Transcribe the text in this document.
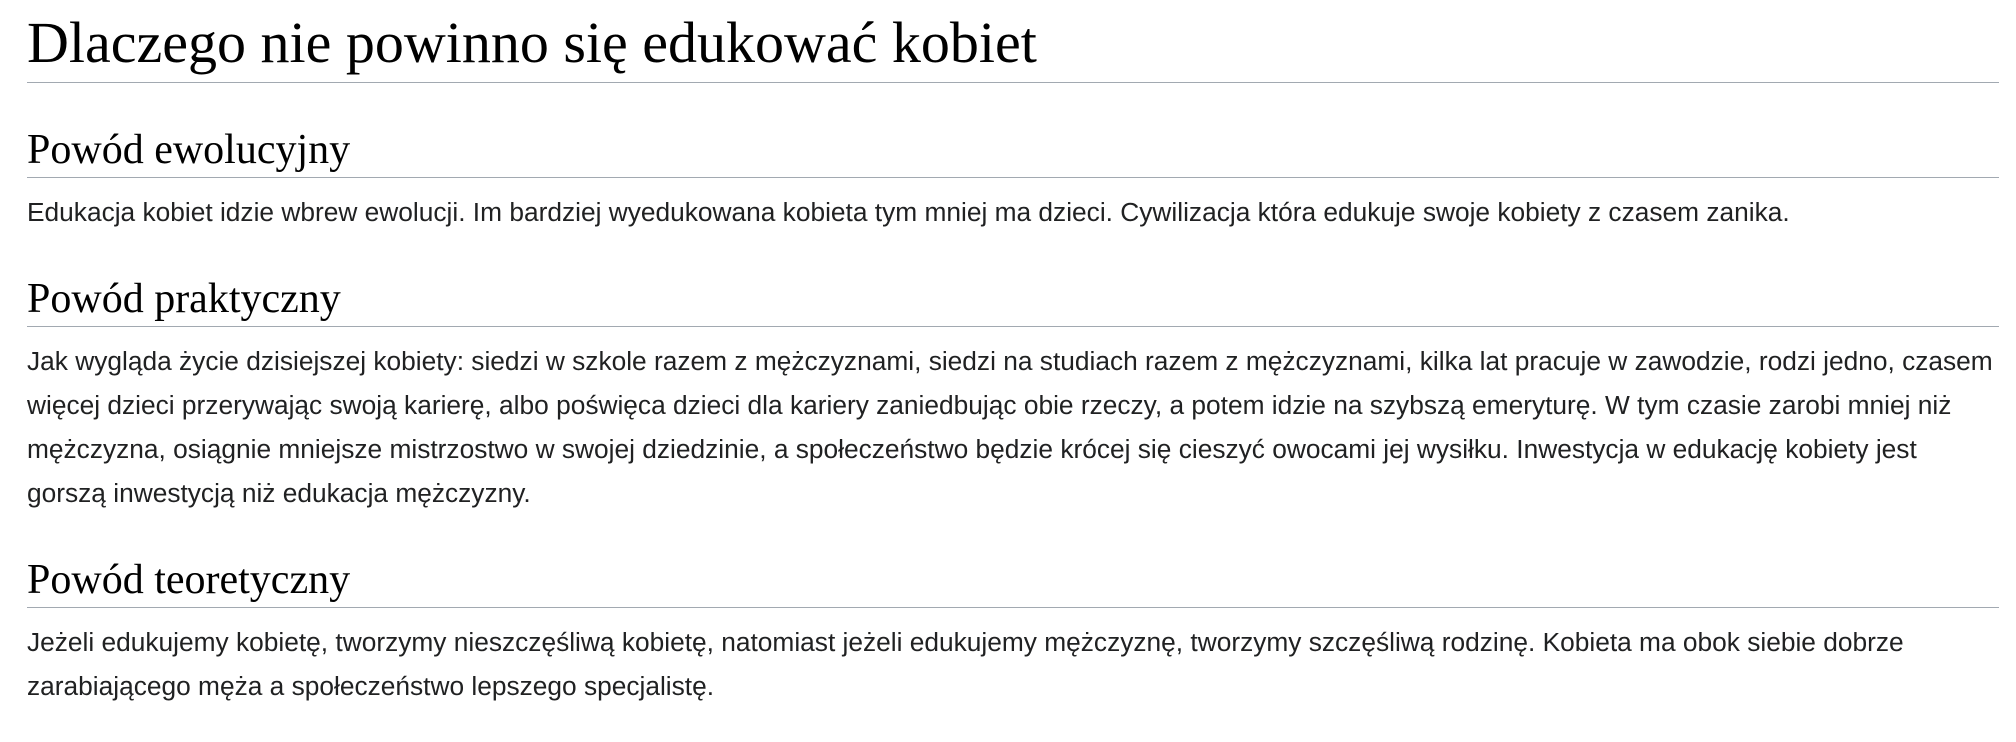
Dlaczego nie powinno się edukować kobiet
Powód ewolucyjny

Edukacja kobiet idzie wbrew ewolucji. Im bardziej wyedukowana kobieta tym mniej ma dzieci. Cywilizacja która edukuje swoje kobiety z czasem zanika.

Powód praktyczny

Jak wygląda życie dzisiejszej kobiety: siedzi w szkole razem z mężczyznami, siedzi na studiach razem z mężczyznami, kilka lat pracuje w zawodzie, rodzi jedno, czasem więcej dzieci przerywając swoją karierę, albo poświęca dzieci dla kariery zaniedbując obie rzeczy, a potem idzie na szybszą emeryturę. W tym czasie zarobi mniej niż mężczyzna, osiągnie mniejsze mistrzostwo w swojej dziedzinie, a społeczeństwo będzie krócej się cieszyć owocami jej wysiłku. Inwestycja w edukację kobiety jest gorszą inwestycją niż edukacja mężczyzny.

Powód teoretyczny

Jeżeli edukujemy kobietę, tworzymy nieszczęśliwą kobietę, natomiast jeżeli edukujemy mężczyznę, tworzymy szczęśliwą rodzinę. Kobieta ma obok siebie dobrze zarabiającego męża a społeczeństwo lepszego specjalistę.
